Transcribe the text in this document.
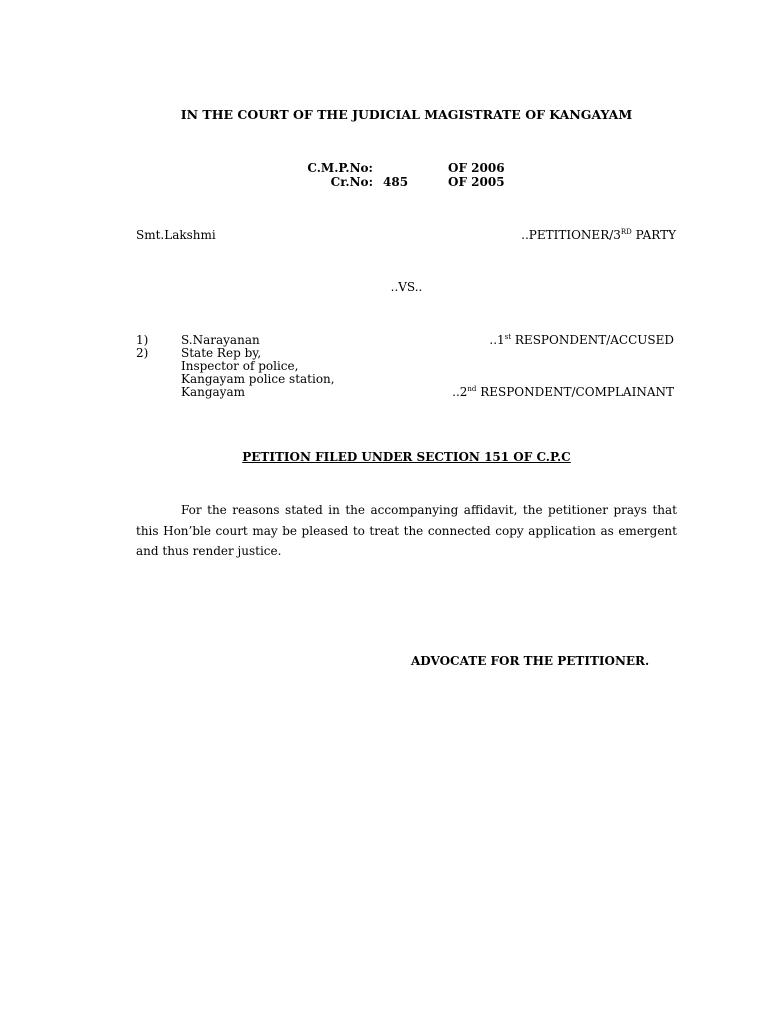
IN THE COURT OF THE JUDICIAL MAGISTRATE OF KANGAYAM
C.M.P.No:	OF 2006
Cr.No: 485	OF 2005
Smt.Lakshmi	..PETITIONER/3RD PARTY
..VS..
1)	S.Narayanan	..1st RESPONDENT/ACCUSED
2)	State Rep by,
Inspector of police,
Kangayam police station,
Kangayam	..2nd RESPONDENT/COMPLAINANT
PETITION FILED UNDER SECTION 151 OF C.P.C
For the reasons stated in the accompanying affidavit, the petitioner prays that this Hon’ble court may be pleased to treat the connected copy application as emergent and thus render justice.
ADVOCATE FOR THE PETITIONER.
